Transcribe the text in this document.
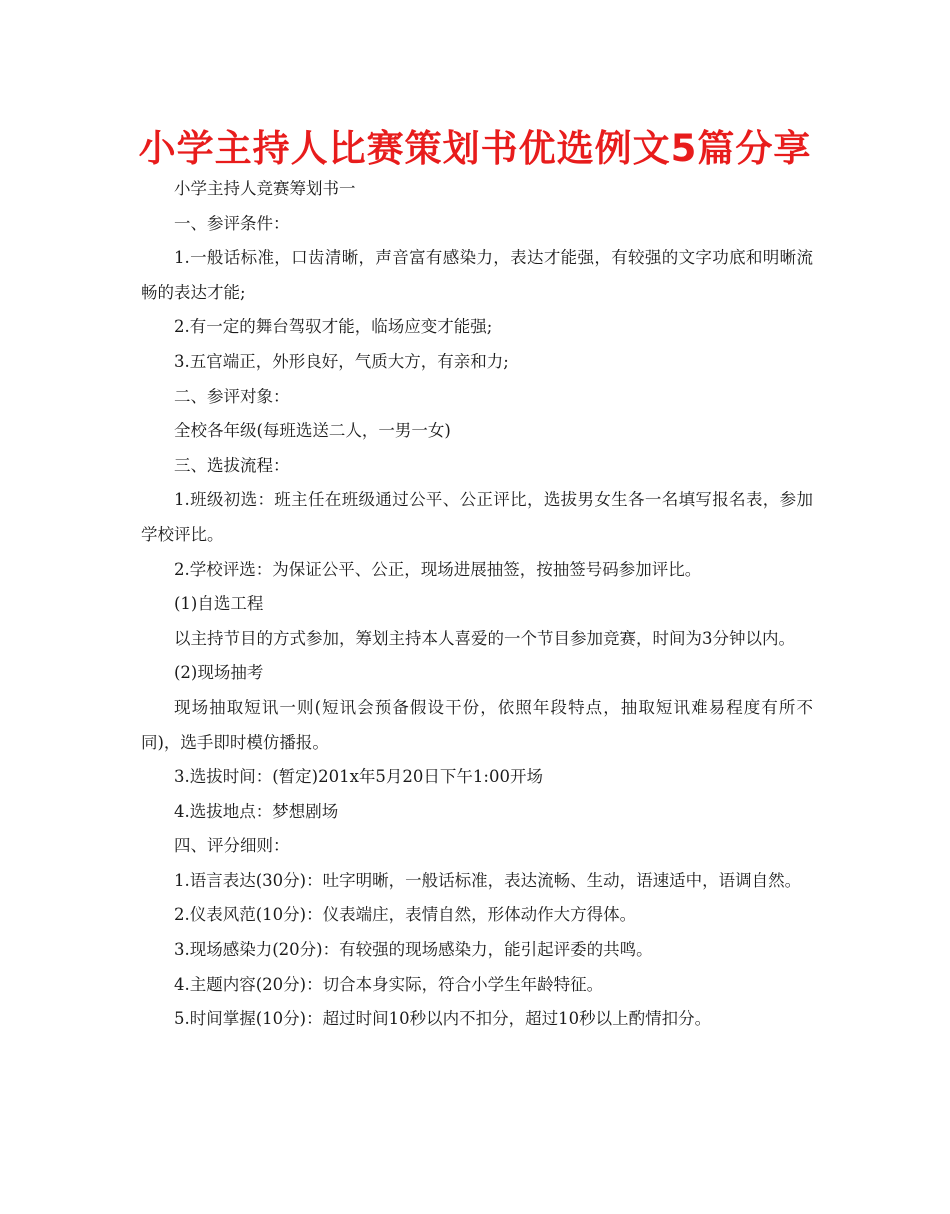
小学主持人比赛策划书优选例文5篇分享

小学主持人竞赛筹划书一

一、参评条件：

1.一般话标准，口齿清晰，声音富有感染力，表达才能强，有较强的文字功底和明晰流畅的表达才能;

2.有一定的舞台驾驭才能，临场应变才能强;

3.五官端正，外形良好，气质大方，有亲和力;

二、参评对象：

全校各年级(每班选送二人，一男一女)

三、选拔流程：

1.班级初选：班主任在班级通过公平、公正评比，选拔男女生各一名填写报名表，参加学校评比。

2.学校评选：为保证公平、公正，现场进展抽签，按抽签号码参加评比。

(1)自选工程

以主持节目的方式参加，筹划主持本人喜爱的一个节目参加竞赛，时间为3分钟以内。

(2)现场抽考

现场抽取短讯一则(短讯会预备假设干份，依照年段特点，抽取短讯难易程度有所不同)，选手即时模仿播报。

3.选拔时间：(暂定)201x年5月20日下午1:00开场

4.选拔地点：梦想剧场

四、评分细则：

1.语言表达(30分)：吐字明晰，一般话标准，表达流畅、生动，语速适中，语调自然。

2.仪表风范(10分)：仪表端庄，表情自然，形体动作大方得体。

3.现场感染力(20分)：有较强的现场感染力，能引起评委的共鸣。

4.主题内容(20分)：切合本身实际，符合小学生年龄特征。

5.时间掌握(10分)：超过时间10秒以内不扣分，超过10秒以上酌情扣分。
